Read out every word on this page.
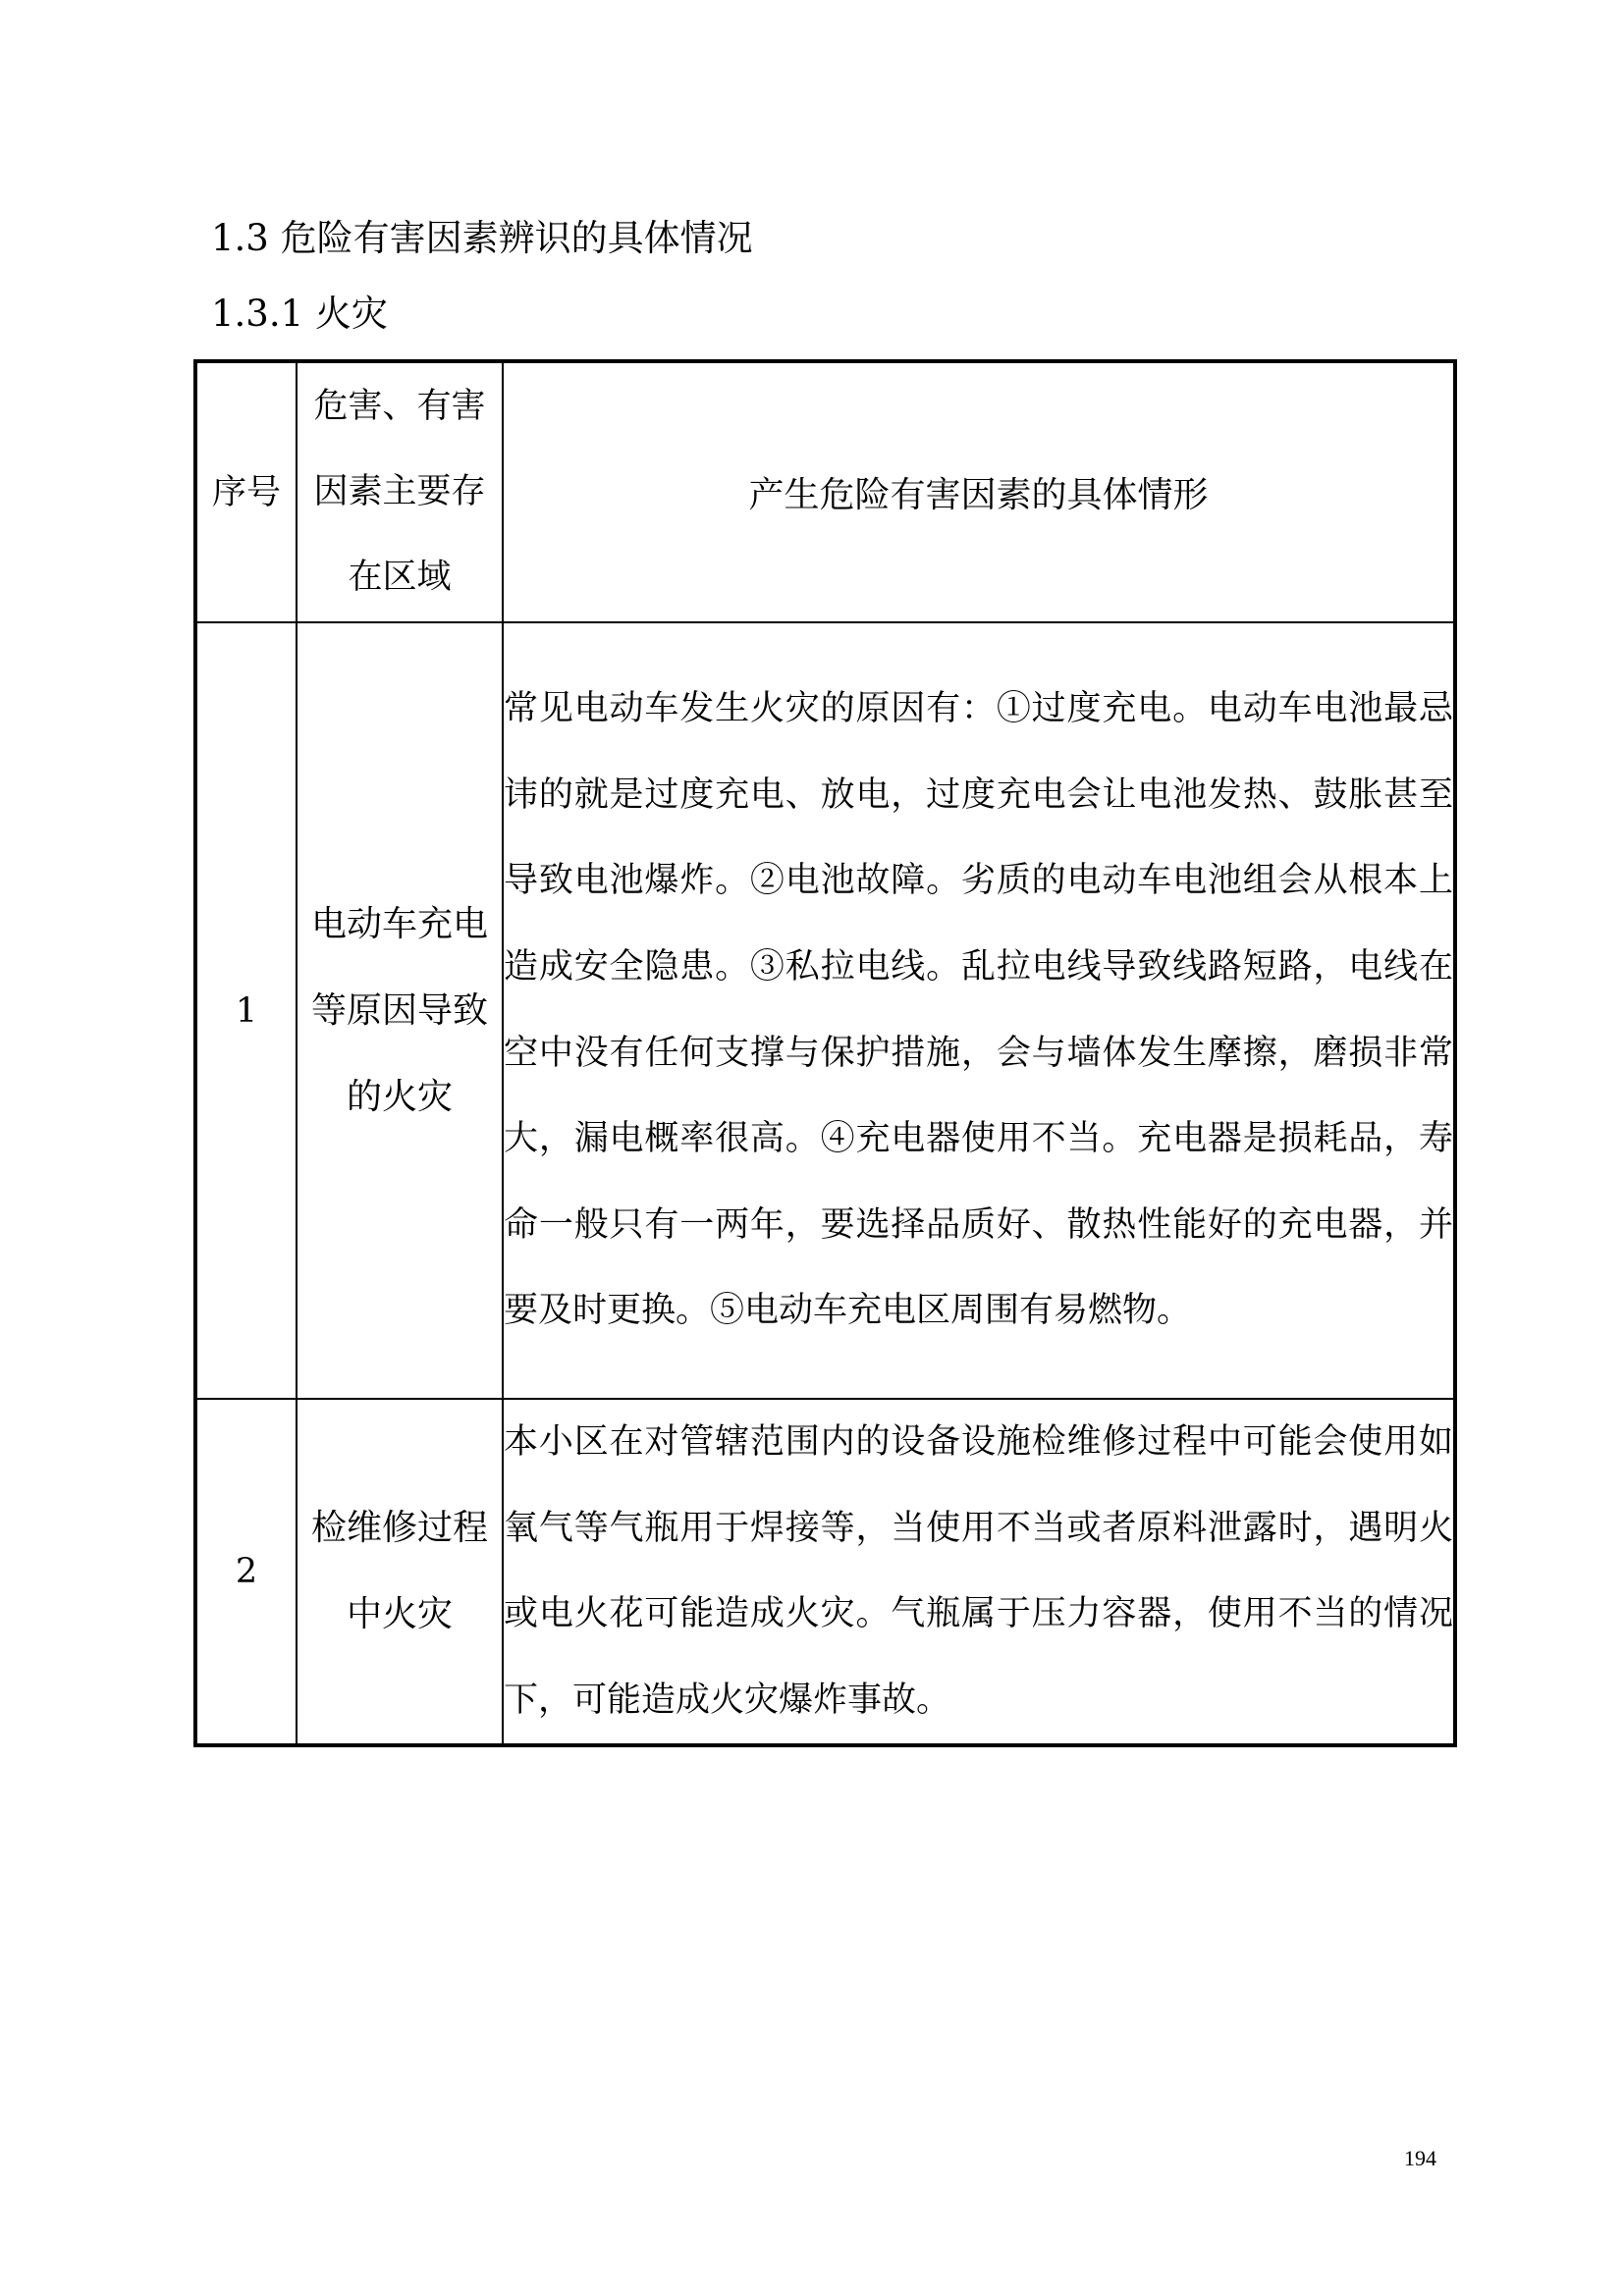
1.3 危险有害因素辨识的具体情况
1.3.1 火灾
序号	危害、有害因素主要存在区域	产生危险有害因素的具体情形
1	电动车充电等原因导致的火灾	常见电动车发生火灾的原因有：①过度充电。电动车电池最忌讳的就是过度充电、放电，过度充电会让电池发热、鼓胀甚至导致电池爆炸。②电池故障。劣质的电动车电池组会从根本上造成安全隐患。③私拉电线。乱拉电线导致线路短路，电线在空中没有任何支撑与保护措施，会与墙体发生摩擦，磨损非常大，漏电概率很高。④充电器使用不当。充电器是损耗品，寿命一般只有一两年，要选择品质好、散热性能好的充电器，并要及时更换。⑤电动车充电区周围有易燃物。
2	检维修过程中火灾	本小区在对管辖范围内的设备设施检维修过程中可能会使用如氧气等气瓶用于焊接等，当使用不当或者原料泄露时，遇明火或电火花可能造成火灾。气瓶属于压力容器，使用不当的情况下，可能造成火灾爆炸事故。
194
